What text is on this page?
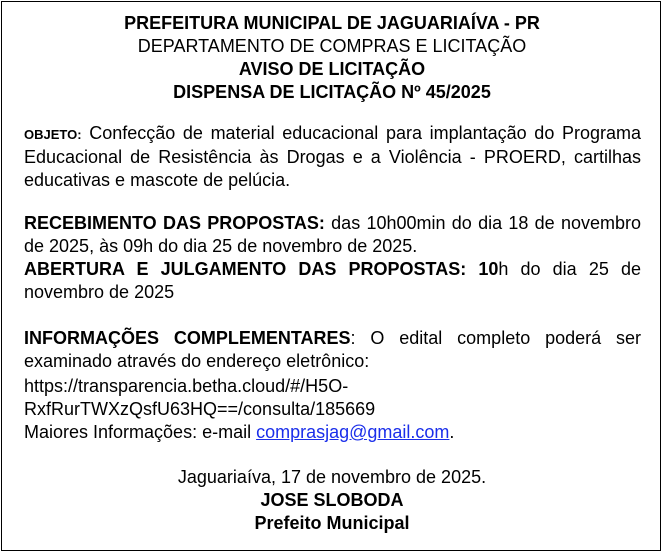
PREFEITURA MUNICIPAL DE JAGUARIAÍVA - PR
DEPARTAMENTO DE COMPRAS E LICITAÇÃO
AVISO DE LICITAÇÃO
DISPENSA DE LICITAÇÃO Nº 45/2025
OBJETO: Confecção de material educacional para implantação do Programa Educacional de Resistência às Drogas e a Violência - PROERD, cartilhas educativas e mascote de pelúcia.
RECEBIMENTO DAS PROPOSTAS: das 10h00min do dia 18 de novembro de 2025, às 09h do dia 25 de novembro de 2025.
ABERTURA E JULGAMENTO DAS PROPOSTAS: 10h do dia 25 de novembro de 2025
INFORMAÇÕES COMPLEMENTARES: O edital completo poderá ser examinado através do endereço eletrônico:
https://transparencia.betha.cloud/#/H5O-
RxfRurTWXzQsfU63HQ==/consulta/185669
Maiores Informações: e-mail comprasjag@gmail.com.
Jaguariaíva, 17 de novembro de 2025.
JOSE SLOBODA
Prefeito Municipal
